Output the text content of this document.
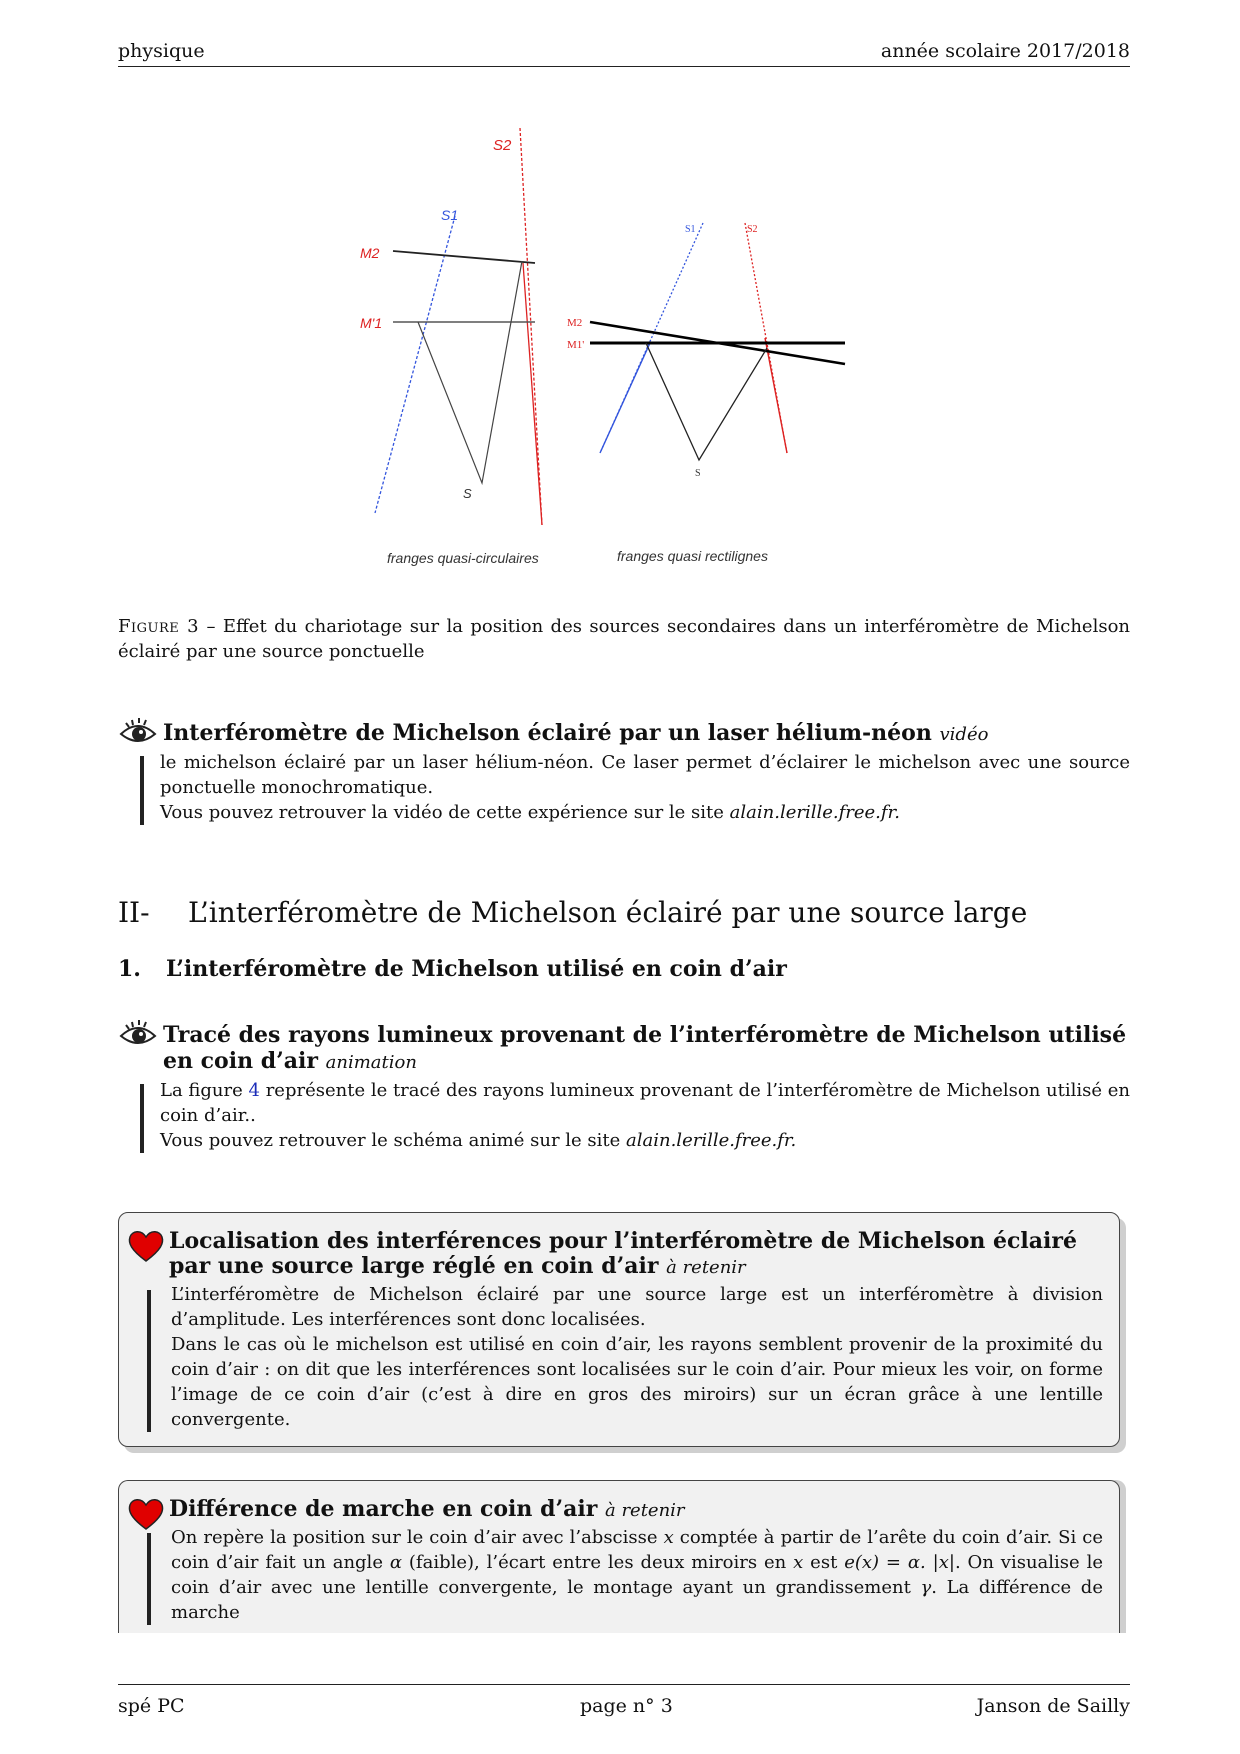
physique	année scolaire 2017/2018
S2
S1
M2
M'1
S
franges quasi-circulaires
S1	S2
M2
M1'
S
franges quasi rectilignes
Figure 3 – Effet du chariotage sur la position des sources secondaires dans un interféromètre de Michelson éclairé par une source ponctuelle
Interféromètre de Michelson éclairé par un laser hélium-néon vidéo

le michelson éclairé par un laser hélium-néon. Ce laser permet d’éclairer le michelson avec une source ponctuelle monochromatique.

Vous pouvez retrouver la vidéo de cette expérience sur le site alain.lerille.free.fr.

II- L’interféromètre de Michelson éclairé par une source large
1. L’interféromètre de Michelson utilisé en coin d’air
Tracé des rayons lumineux provenant de l’interféromètre de Michelson utilisé en coin d’air animation

La figure 4 représente le tracé des rayons lumineux provenant de l’interféromètre de Michelson utilisé en coin d’air..

Vous pouvez retrouver le schéma animé sur le site alain.lerille.free.fr.

Localisation des interférences pour l’interféromètre de Michelson éclairé par une source large réglé en coin d’air à retenir

L’interféromètre de Michelson éclairé par une source large est un interféromètre à division d’amplitude. Les interférences sont donc localisées.

Dans le cas où le michelson est utilisé en coin d’air, les rayons semblent provenir de la proximité du coin d’air : on dit que les interférences sont localisées sur le coin d’air. Pour mieux les voir, on forme l’image de ce coin d’air (c’est à dire en gros des miroirs) sur un écran grâce à une lentille convergente.

Différence de marche en coin d’air à retenir

On repère la position sur le coin d’air avec l’abscisse x comptée à partir de l’arête du coin d’air. Si ce coin d’air fait un angle α (faible), l’écart entre les deux miroirs en x est e(x) = α. |x|. On visualise le coin d’air avec une lentille convergente, le montage ayant un grandissement γ. La différence de marche

spé PC	page n° 3	Janson de Sailly
